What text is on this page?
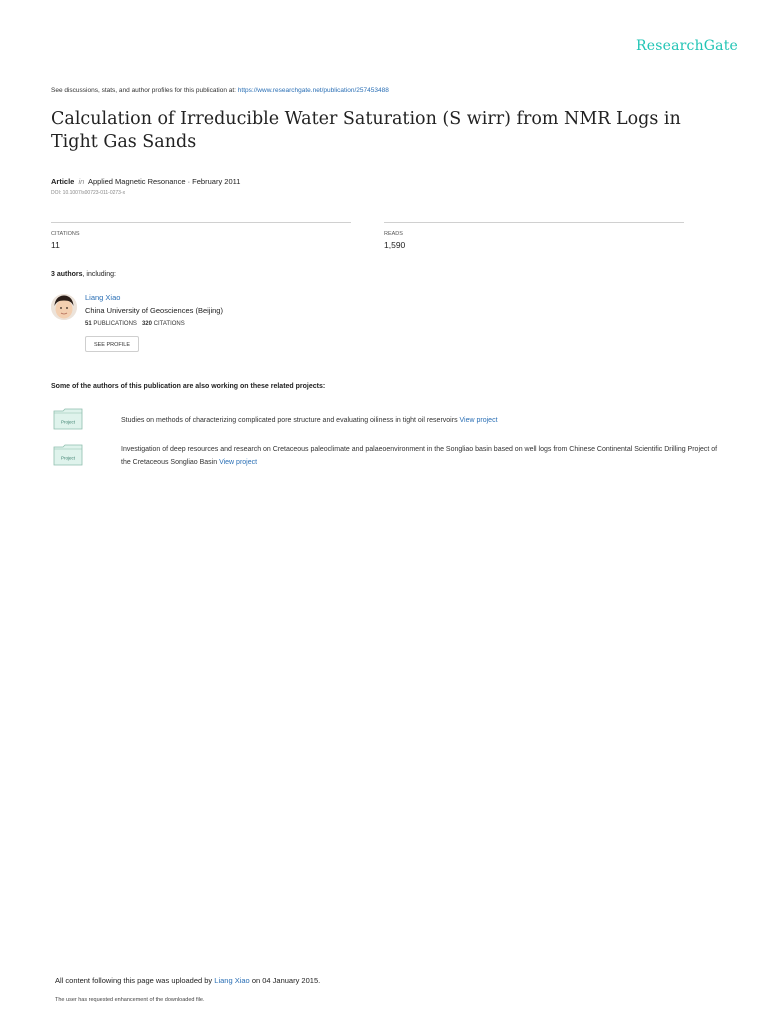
ResearchGate
See discussions, stats, and author profiles for this publication at: https://www.researchgate.net/publication/257453488
Calculation of Irreducible Water Saturation (S wirr) from NMR Logs in Tight Gas Sands
Article in Applied Magnetic Resonance · February 2011
DOI: 10.1007/s00723-011-0273-x
CITATIONS
11
READS
1,590
3 authors, including:
Liang Xiao
China University of Geosciences (Beijing)
51 PUBLICATIONS 320 CITATIONS
SEE PROFILE
Some of the authors of this publication are also working on these related projects:
Project	Studies on methods of characterizing complicated pore structure and evaluating oiliness in tight oil reservoirs View project
Project
Investigation of deep resources and research on Cretaceous paleoclimate and palaeoenvironment in the Songliao basin based on well logs from Chinese Continental Scientific Drilling Project of the Cretaceous Songliao Basin View project
All content following this page was uploaded by Liang Xiao on 04 January 2015.
The user has requested enhancement of the downloaded file.
